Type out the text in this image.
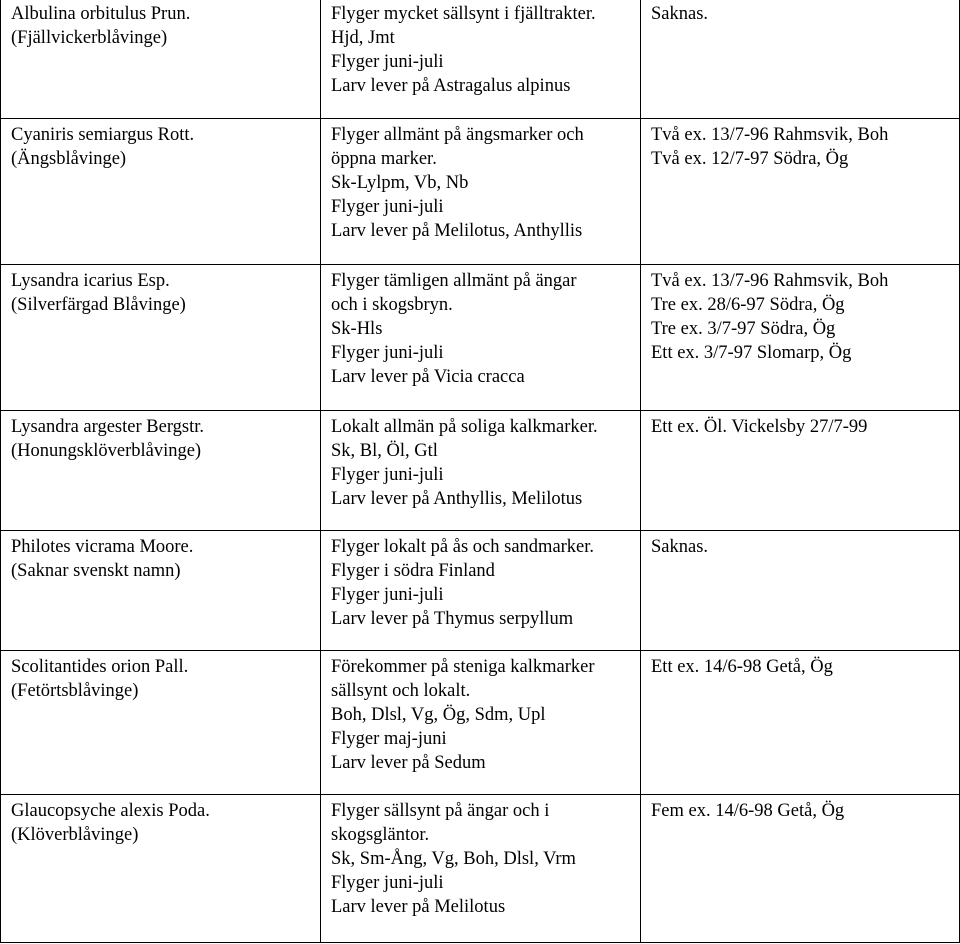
Albulina orbitulus Prun.
(Fjällvickerblåvinge)	Flyger mycket sällsynt i fjälltrakter.
Hjd, Jmt
Flyger juni-juli
Larv lever på Astragalus alpinus	Saknas.

Cyaniris semiargus Rott.
(Ängsblåvinge)	Flyger allmänt på ängsmarker och
öppna marker.
Sk-Lylpm, Vb, Nb
Flyger juni-juli
Larv lever på Melilotus, Anthyllis	Två ex. 13/7-96 Rahmsvik, Boh
Två ex. 12/7-97 Södra, Ög

Lysandra icarius Esp.
(Silverfärgad Blåvinge)	Flyger tämligen allmänt på ängar
och i skogsbryn.
Sk-Hls
Flyger juni-juli
Larv lever på Vicia cracca	Två ex. 13/7-96 Rahmsvik, Boh
Tre ex. 28/6-97 Södra, Ög
Tre ex. 3/7-97 Södra, Ög
Ett ex. 3/7-97 Slomarp, Ög

Lysandra argester Bergstr.
(Honungsklöverblåvinge)	Lokalt allmän på soliga kalkmarker.
Sk, Bl, Öl, Gtl
Flyger juni-juli
Larv lever på Anthyllis, Melilotus	Ett ex. Öl. Vickelsby 27/7-99

Philotes vicrama Moore.
(Saknar svenskt namn)	Flyger lokalt på ås och sandmarker.
Flyger i södra Finland
Flyger juni-juli
Larv lever på Thymus serpyllum	Saknas.

Scolitantides orion Pall.
(Fetörtsblåvinge)	Förekommer på steniga kalkmarker
sällsynt och lokalt.
Boh, Dlsl, Vg, Ög, Sdm, Upl
Flyger maj-juni
Larv lever på Sedum	Ett ex. 14/6-98 Getå, Ög

Glaucopsyche alexis Poda.
(Klöverblåvinge)	Flyger sällsynt på ängar och i
skogsgläntor.
Sk, Sm-Ång, Vg, Boh, Dlsl, Vrm
Flyger juni-juli
Larv lever på Melilotus	Fem ex. 14/6-98 Getå, Ög
